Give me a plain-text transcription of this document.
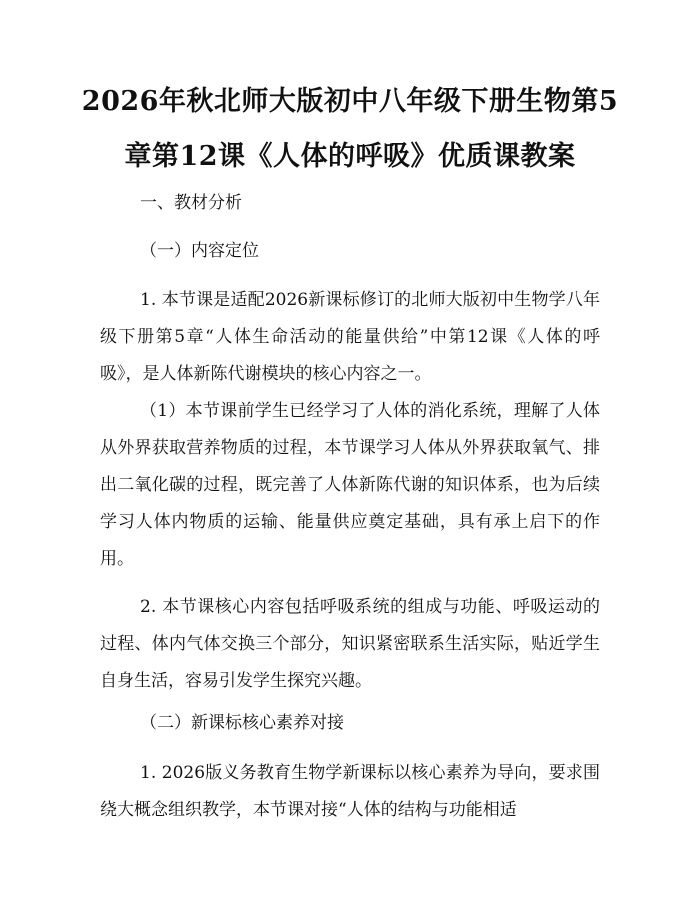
2026年秋北师大版初中八年级下册生物第5
章第12课《人体的呼吸》优质课教案
一、教材分析
（一）内容定位

1. 本节课是适配2026新课标修订的北师大版初中生物学八年级下册第5章“人体生命活动的能量供给”中第12课《人体的呼吸》，是人体新陈代谢模块的核心内容之一。

（1）本节课前学生已经学习了人体的消化系统，理解了人体从外界获取营养物质的过程，本节课学习人体从外界获取氧气、排出二氧化碳的过程，既完善了人体新陈代谢的知识体系，也为后续学习人体内物质的运输、能量供应奠定基础，具有承上启下的作用。

2. 本节课核心内容包括呼吸系统的组成与功能、呼吸运动的过程、体内气体交换三个部分，知识紧密联系生活实际，贴近学生自身生活，容易引发学生探究兴趣。

（二）新课标核心素养对接

1. 2026版义务教育生物学新课标以核心素养为导向，要求围绕大概念组织教学，本节课对接“人体的结构与功能相适
